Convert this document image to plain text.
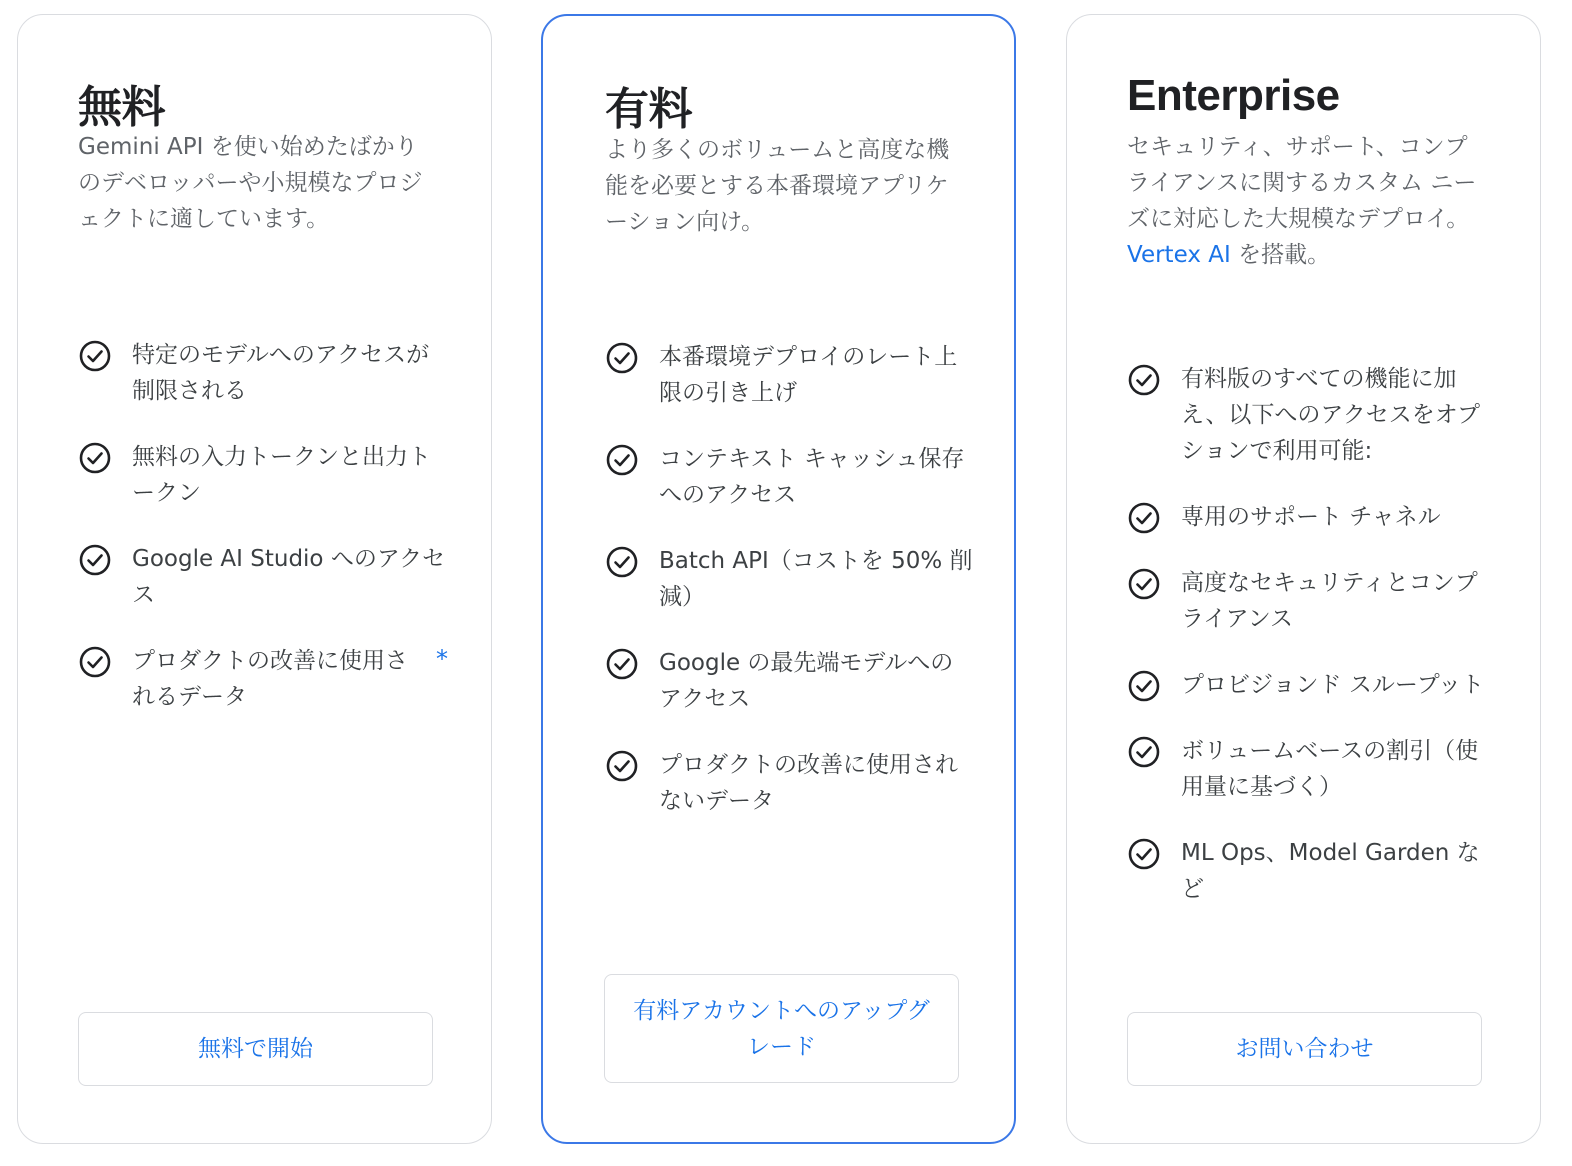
無料

Gemini API を使い始めたばかりのデベロッパーや小規模なプロジェクトに適しています。

特定のモデルへのアクセスが制限される
無料の入力トークンと出力トークン
Google AI Studio へのアクセス
プロダクトの改善に使用されるデータ
*
無料で開始
有料

より多くのボリュームと高度な機能を必要とする本番環境アプリケーション向け。

本番環境デプロイのレート上限の引き上げ
コンテキスト キャッシュ保存へのアクセス
Batch API（コストを 50% 削減）
Google の最先端モデルへのアクセス
プロダクトの改善に使用されないデータ
有料アカウントへのアップグレード
Enterprise

セキュリティ、サポート、コンプライアンスに関するカスタム ニーズに対応した大規模なデプロイ。Vertex AI を搭載。

有料版のすべての機能に加え、以下へのアクセスをオプションで利用可能:
専用のサポート チャネル
高度なセキュリティとコンプライアンス
プロビジョンド スループット
ボリュームベースの割引（使用量に基づく）
ML Ops、Model Garden など
お問い合わせ
